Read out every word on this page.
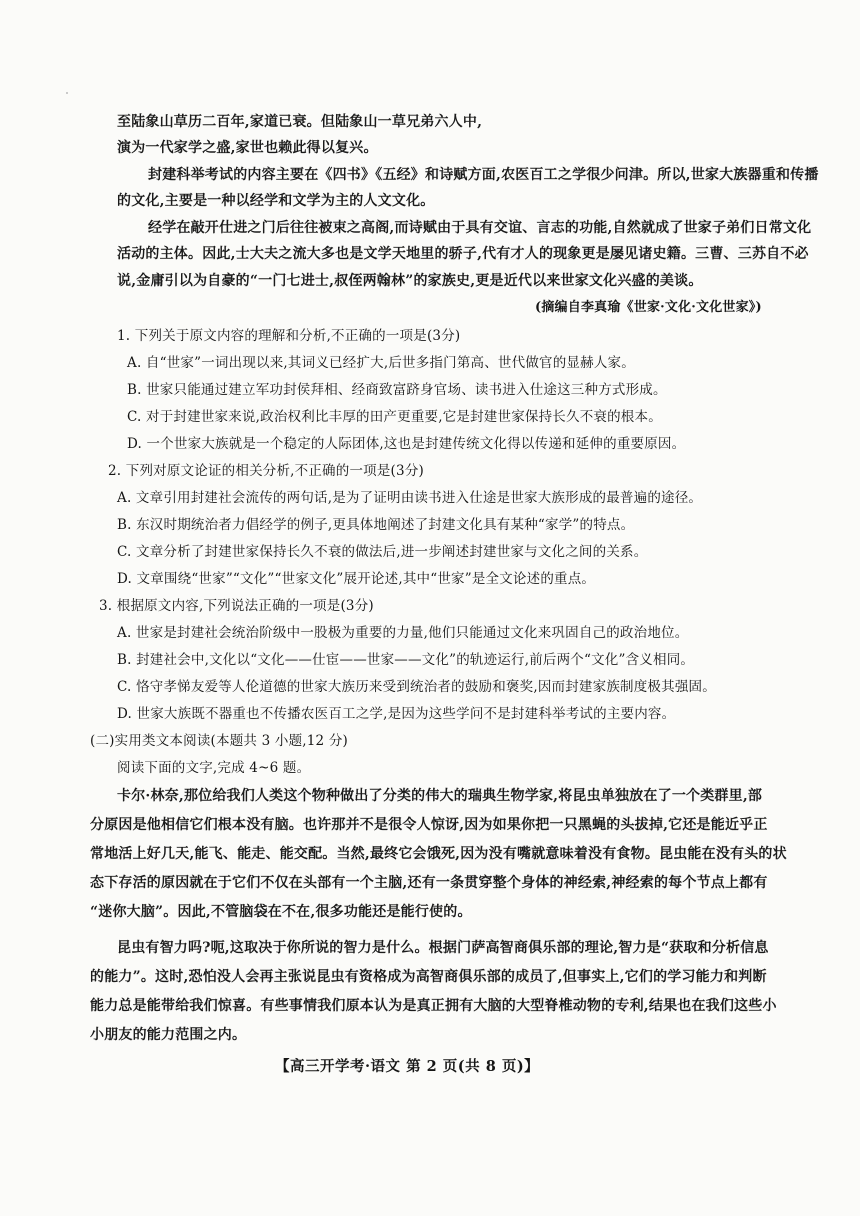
至陆象山草历二百年,家道已衰。但陆象山一草兄弟六人中,
演为一代家学之盛,家世也赖此得以复兴。
封建科举考试的内容主要在《四书》《五经》和诗赋方面,农医百工之学很少问津。所以,世家大族器重和传播
的文化,主要是一种以经学和文学为主的人文文化。
经学在敲开仕进之门后往往被束之高阁,而诗赋由于具有交谊、言志的功能,自然就成了世家子弟们日常文化
活动的主体。因此,士大夫之流大多也是文学天地里的骄子,代有才人的现象更是屡见诸史籍。三曹、三苏自不必
说,金庸引以为自豪的“一门七进士,叔侄两翰林”的家族史,更是近代以来世家文化兴盛的美谈。
(摘编自李真瑜《世家·文化·文化世家》)
1. 下列关于原文内容的理解和分析,不正确的一项是(3分)
A. 自“世家”一词出现以来,其词义已经扩大,后世多指门第高、世代做官的显赫人家。
B. 世家只能通过建立军功封侯拜相、经商致富跻身官场、读书进入仕途这三种方式形成。
C. 对于封建世家来说,政治权利比丰厚的田产更重要,它是封建世家保持长久不衰的根本。
D. 一个世家大族就是一个稳定的人际团体,这也是封建传统文化得以传递和延伸的重要原因。
2. 下列对原文论证的相关分析,不正确的一项是(3分)
A. 文章引用封建社会流传的两句话,是为了证明由读书进入仕途是世家大族形成的最普遍的途径。
B. 东汉时期统治者力倡经学的例子,更具体地阐述了封建文化具有某种“家学”的特点。
C. 文章分析了封建世家保持长久不衰的做法后,进一步阐述封建世家与文化之间的关系。
D. 文章围绕“世家”“文化”“世家文化”展开论述,其中“世家”是全文论述的重点。
3. 根据原文内容,下列说法正确的一项是(3分)
A. 世家是封建社会统治阶级中一股极为重要的力量,他们只能通过文化来巩固自己的政治地位。
B. 封建社会中,文化以“文化——仕宦——世家——文化”的轨迹运行,前后两个“文化”含义相同。
C. 恪守孝悌友爱等人伦道德的世家大族历来受到统治者的鼓励和褒奖,因而封建家族制度极其强固。
D. 世家大族既不器重也不传播农医百工之学,是因为这些学问不是封建科举考试的主要内容。
(二)实用类文本阅读(本题共 3 小题,12 分)
阅读下面的文字,完成 4~6 题。
卡尔·林奈,那位给我们人类这个物种做出了分类的伟大的瑞典生物学家,将昆虫单独放在了一个类群里,部
分原因是他相信它们根本没有脑。也许那并不是很令人惊讶,因为如果你把一只黑蝇的头拔掉,它还是能近乎正
常地活上好几天,能飞、能走、能交配。当然,最终它会饿死,因为没有嘴就意味着没有食物。昆虫能在没有头的状
态下存活的原因就在于它们不仅在头部有一个主脑,还有一条贯穿整个身体的神经索,神经索的每个节点上都有
“迷你大脑”。因此,不管脑袋在不在,很多功能还是能行使的。
昆虫有智力吗?呃,这取决于你所说的智力是什么。根据门萨高智商俱乐部的理论,智力是“获取和分析信息
的能力”。这时,恐怕没人会再主张说昆虫有资格成为高智商俱乐部的成员了,但事实上,它们的学习能力和判断
能力总是能带给我们惊喜。有些事情我们原本认为是真正拥有大脑的大型脊椎动物的专利,结果也在我们这些小
小朋友的能力范围之内。
【高三开学考·语文 第 2 页(共 8 页)】
